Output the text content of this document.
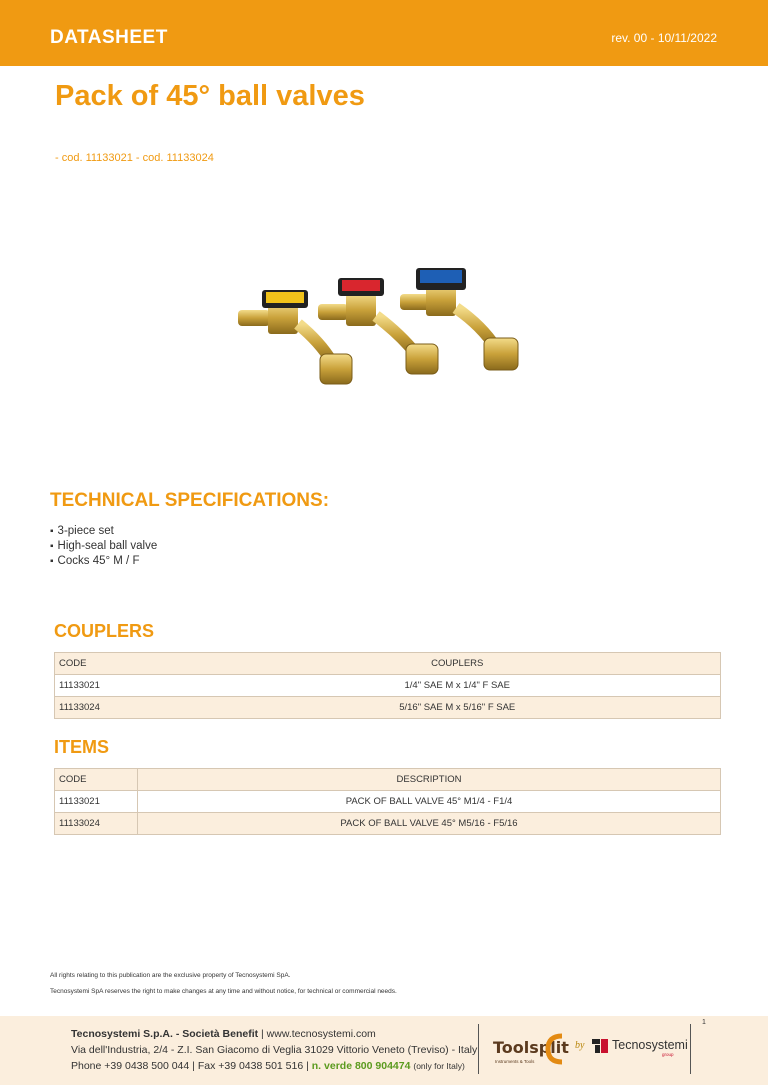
DATASHEET	rev. 00 - 10/11/2022
Pack of 45° ball valves
- cod. 11133021 - cod. 11133024
TECHNICAL SPECIFICATIONS:
▪ 3-piece set
▪ High-seal ball valve
▪ Cocks 45° M / F
COUPLERS
CODE	COUPLERS
11133021	1/4" SAE M x 1/4" F SAE
11133024	5/16" SAE M x 5/16" F SAE
ITEMS
CODE	DESCRIPTION
11133021	PACK OF BALL VALVE 45° M1/4 - F1/4
11133024	PACK OF BALL VALVE 45° M5/16 - F5/16
All rights relating to this publication are the exclusive property of Tecnosystemi SpA.
Tecnosystemi SpA reserves the right to make changes at any time and without notice, for technical or commercial needs.
1
Tecnosystemi S.p.A. - Società Benefit | www.tecnosystemi.com
Via dell'Industria, 2/4 - Z.I. San Giacomo di Veglia 31029 Vittorio Veneto (Treviso) - Italy
Phone +39 0438 500 044 | Fax +39 0438 501 516 | n. verde 800 904474 (only for Italy)
Toolsplit
Instruments & Tools
by Tecnosystemi
group
